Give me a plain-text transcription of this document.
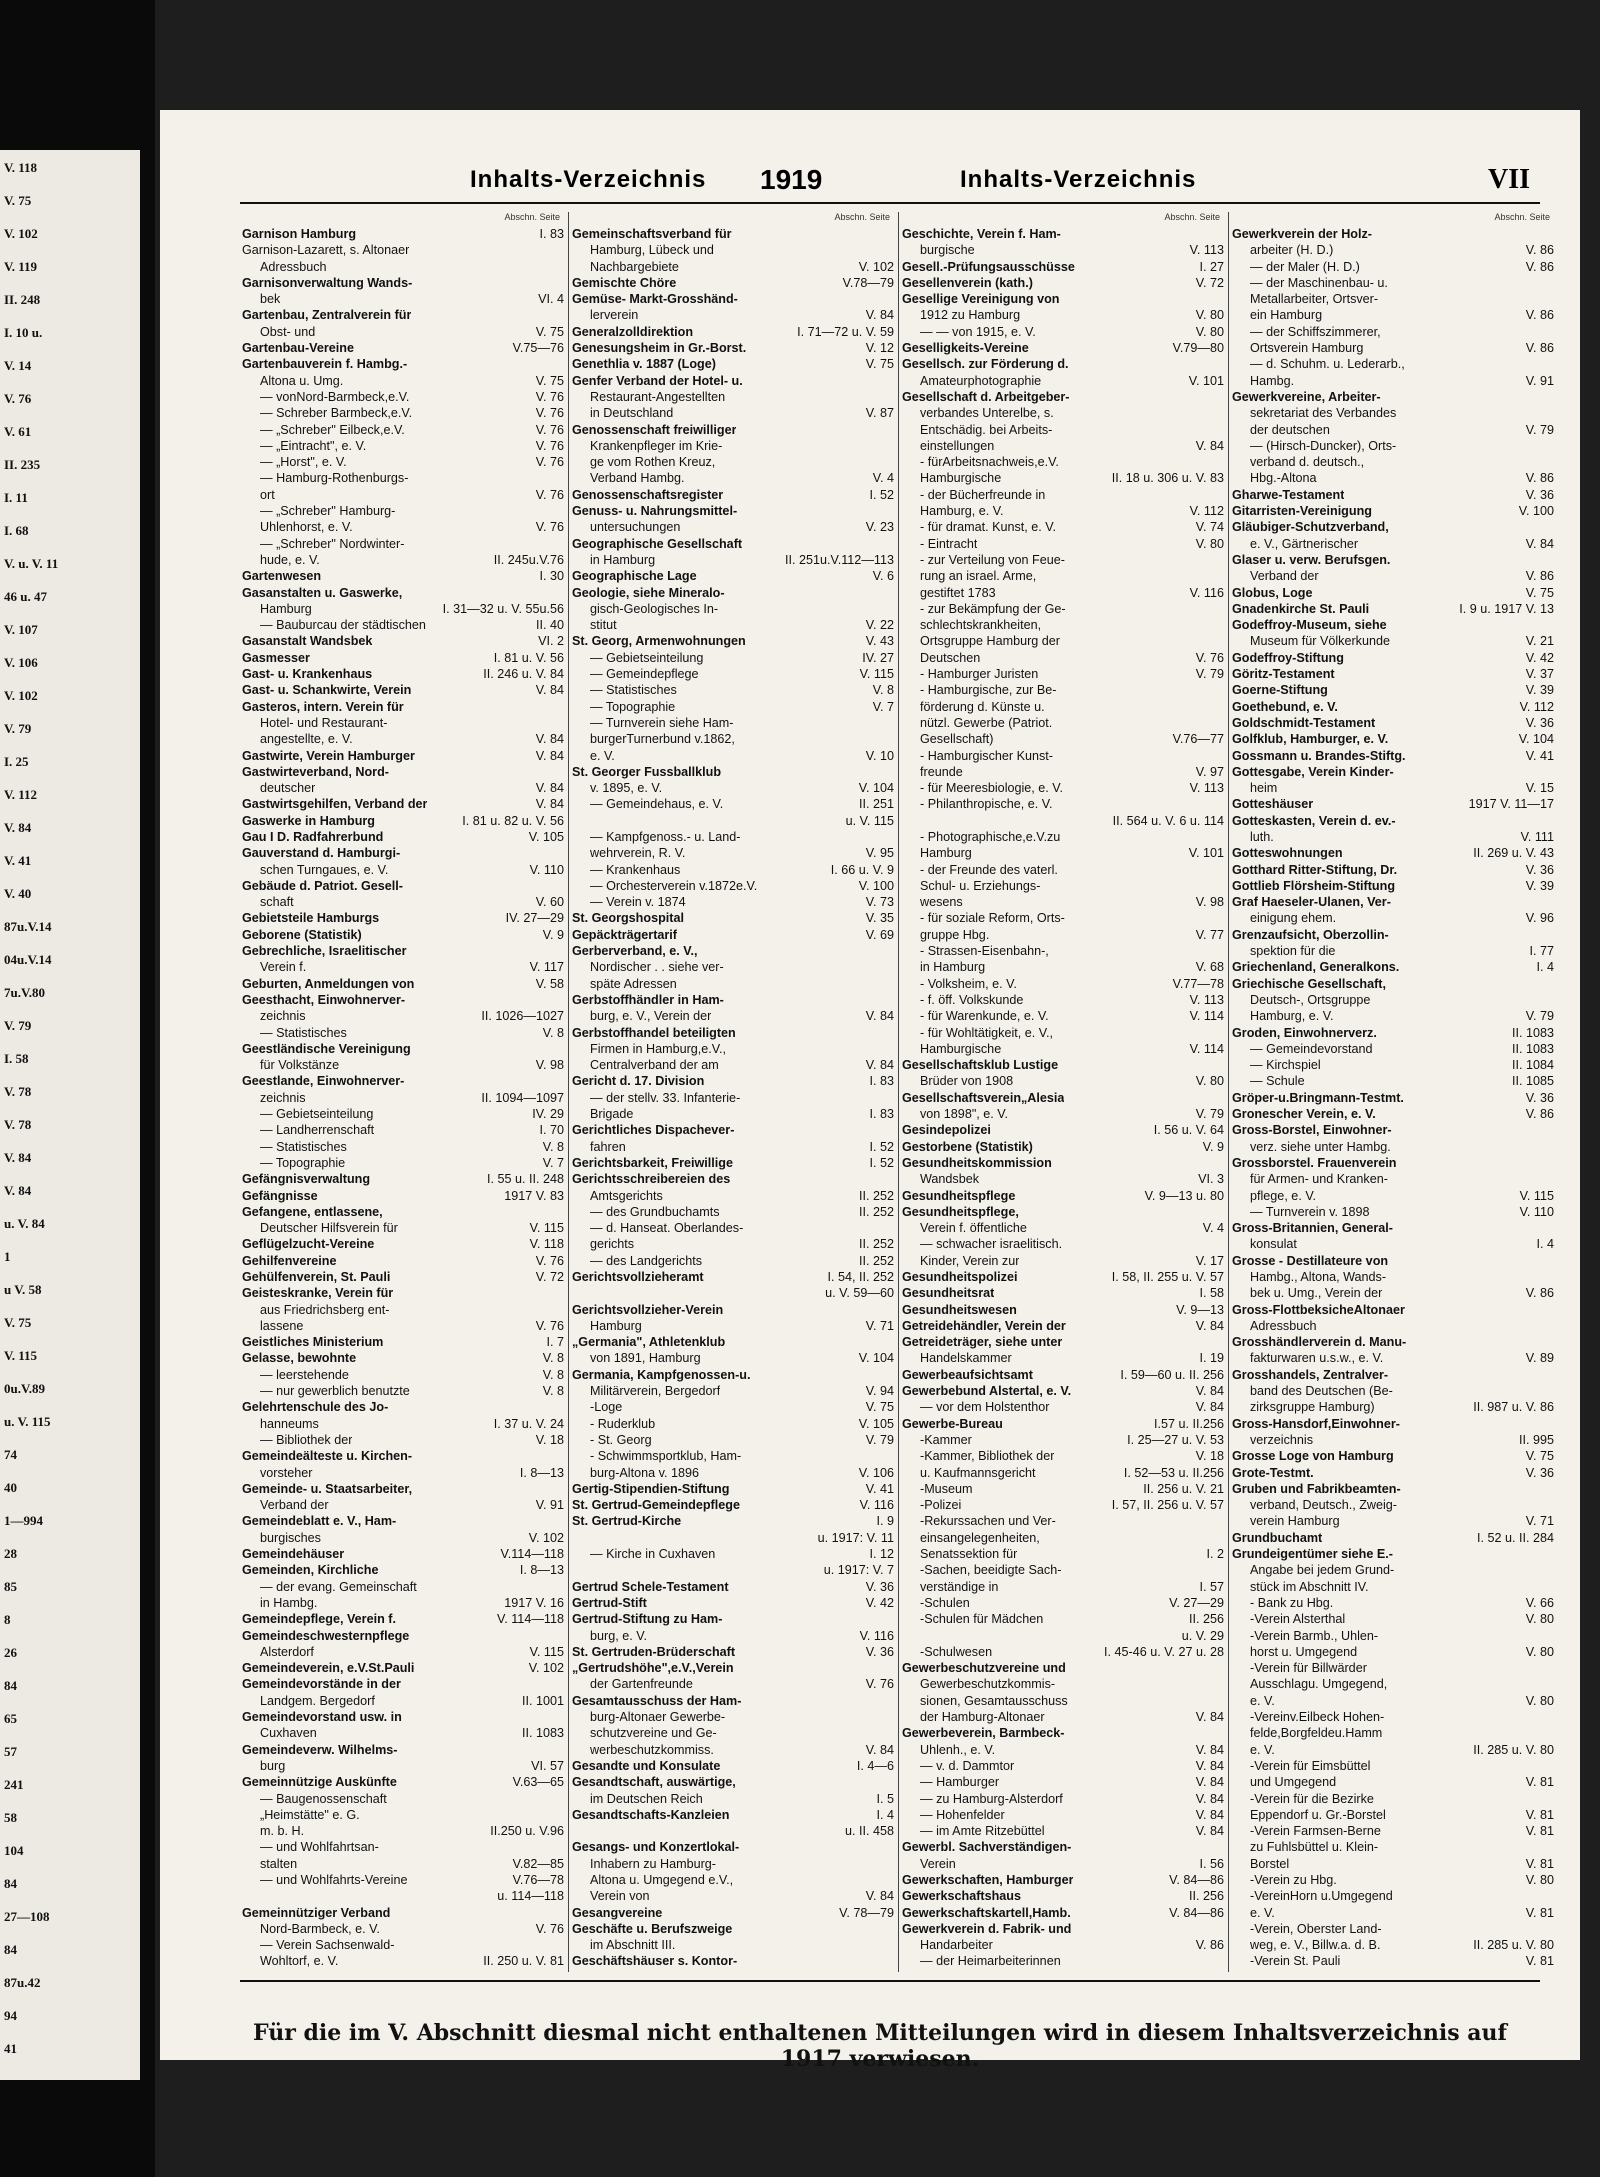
V. 118
V. 75
V. 102
V. 119
II. 248
I. 10 u.
V. 14
V. 76
V. 61
II. 235
I. 11
I. 68
V. u. V. 11
46 u. 47
V. 107
V. 106
V. 102
V. 79
I. 25
V. 112
V. 84
V. 41
V. 40
87u.V.14
04u.V.14
7u.V.80
V. 79
I. 58
V. 78
V. 78
V. 84
V. 84
u. V. 84
1
u V. 58
V. 75
V. 115
0u.V.89
u. V. 115
74
40
1—994
28
85
8
26
84
65
57
241
58
104
84
27—108
84
87u.42
94
41
Inhalts-Verzeichnis 1919	Inhalts-Verzeichnis	VII
Abschn. Seite
Garnison Hamburg	I. 83
Garnison-Lazarett, s. Altonaer
Adressbuch
Garnisonverwaltung Wands-
bek	VI. 4
Gartenbau, Zentralverein für
Obst- und	V. 75
Gartenbau-Vereine	V.75—76
Gartenbauverein f. Hambg.-
Altona u. Umg.	V. 75
— vonNord-Barmbeck,e.V.	V. 76
— Schreber Barmbeck,e.V.	V. 76
— „Schreber" Eilbeck,e.V.	V. 76
— „Eintracht", e. V.	V. 76
— „Horst", e. V.	V. 76
— Hamburg-Rothenburgs-
ort	V. 76
— „Schreber" Hamburg-
Uhlenhorst, e. V.	V. 76
— „Schreber" Nordwinter-
hude, e. V.	II. 245u.V.76
Gartenwesen	I. 30
Gasanstalten u. Gaswerke,
Hamburg	I. 31—32 u. V. 55u.56
— Bauburcau der städtischen	II. 40
Gasanstalt Wandsbek	VI. 2
Gasmesser	I. 81 u. V. 56
Gast- u. Krankenhaus	II. 246 u. V. 84
Gast- u. Schankwirte, Verein	V. 84
Gasteros, intern. Verein für
Hotel- und Restaurant-
angestellte, e. V.	V. 84
Gastwirte, Verein Hamburger	V. 84
Gastwirteverband, Nord-
deutscher	V. 84
Gastwirtsgehilfen, Verband der	V. 84
Gaswerke in Hamburg	I. 81 u. 82 u. V. 56
Gau I D. Radfahrerbund	V. 105
Gauverstand d. Hamburgi-
schen Turngaues, e. V.	V. 110
Gebäude d. Patriot. Gesell-
schaft	V. 60
Gebietsteile Hamburgs	IV. 27—29
Geborene (Statistik)	V. 9
Gebrechliche, Israelitischer
Verein f.	V. 117
Geburten, Anmeldungen von	V. 58
Geesthacht, Einwohnerver-
zeichnis	II. 1026—1027
— Statistisches	V. 8
Geestländische Vereinigung
für Volkstänze	V. 98
Geestlande, Einwohnerver-
zeichnis	II. 1094—1097
— Gebietseinteilung	IV. 29
— Landherrenschaft	I. 70
— Statistisches	V. 8
— Topographie	V. 7
Gefängnisverwaltung	I. 55 u. II. 248
Gefängnisse	1917 V. 83
Gefangene, entlassene,
Deutscher Hilfsverein für	V. 115
Geflügelzucht-Vereine	V. 118
Gehilfenvereine	V. 76
Gehülfenverein, St. Pauli	V. 72
Geisteskranke, Verein für
aus Friedrichsberg ent-
lassene	V. 76
Geistliches Ministerium	I. 7
Gelasse, bewohnte	V. 8
— leerstehende	V. 8
— nur gewerblich benutzte	V. 8
Gelehrtenschule des Jo-
hanneums	I. 37 u. V. 24
— Bibliothek der	V. 18
Gemeindeälteste u. Kirchen-
vorsteher	I. 8—13
Gemeinde- u. Staatsarbeiter,
Verband der	V. 91
Gemeindeblatt e. V., Ham-
burgisches	V. 102
Gemeindehäuser	V.114—118
Gemeinden, Kirchliche	I. 8—13
— der evang. Gemeinschaft
in Hambg.	1917 V. 16
Gemeindepflege, Verein f.	V. 114—118
Gemeindeschwesternpflege
Alsterdorf	V. 115
Gemeindeverein, e.V.St.Pauli	V. 102
Gemeindevorstände in der
Landgem. Bergedorf	II. 1001
Gemeindevorstand usw. in
Cuxhaven	II. 1083
Gemeindeverw. Wilhelms-
burg	VI. 57
Gemeinnützige Auskünfte	V.63—65
— Baugenossenschaft
„Heimstätte" e. G.
m. b. H.	II.250 u. V.96
— und Wohlfahrtsan-
stalten	V.82—85
— und Wohlfahrts-Vereine	V.76—78
u. 114—118
Gemeinnütziger Verband
Nord-Barmbeck, e. V.	V. 76
— Verein Sachsenwald-
Wohltorf, e. V.	II. 250 u. V. 81
Abschn. Seite
Gemeinschaftsverband für
Hamburg, Lübeck und
Nachbargebiete	V. 102
Gemischte Chöre	V.78—79
Gemüse- Markt-Grosshänd-
lerverein	V. 84
Generalzolldirektion	I. 71—72 u. V. 59
Genesungsheim in Gr.-Borst.	V. 12
Genethlia v. 1887 (Loge)	V. 75
Genfer Verband der Hotel- u.
Restaurant-Angestellten
in Deutschland	V. 87
Genossenschaft freiwilliger
Krankenpfleger im Krie-
ge vom Rothen Kreuz,
Verband Hambg.	V. 4
Genossenschaftsregister	I. 52
Genuss- u. Nahrungsmittel-
untersuchungen	V. 23
Geographische Gesellschaft
in Hamburg	II. 251u.V.112—113
Geographische Lage	V. 6
Geologie, siehe Mineralo-
gisch-Geologisches In-
stitut	V. 22
St. Georg, Armenwohnungen	V. 43
— Gebietseinteilung	IV. 27
— Gemeindepflege	V. 115
— Statistisches	V. 8
— Topographie	V. 7
— Turnverein siehe Ham-
burgerTurnerbund v.1862,
e. V.	V. 10
St. Georger Fussballklub
v. 1895, e. V.	V. 104
— Gemeindehaus, e. V.	II. 251
u. V. 115
— Kampfgenoss.- u. Land-
wehrverein, R. V.	V. 95
— Krankenhaus	I. 66 u. V. 9
— Orchesterverein v.1872e.V.	V. 100
— Verein v. 1874	V. 73
St. Georgshospital	V. 35
Gepäckträgertarif	V. 69
Gerberverband, e. V.,
Nordischer . . siehe ver-
späte Adressen
Gerbstoffhändler in Ham-
burg, e. V., Verein der	V. 84
Gerbstoffhandel beteiligten
Firmen in Hamburg,e.V.,
Centralverband der am	V. 84
Gericht d. 17. Division	I. 83
— der stellv. 33. Infanterie-
Brigade	I. 83
Gerichtliches Dispachever-
fahren	I. 52
Gerichtsbarkeit, Freiwillige	I. 52
Gerichtsschreibereien des
Amtsgerichts	II. 252
— des Grundbuchamts	II. 252
— d. Hanseat. Oberlandes-
gerichts	II. 252
— des Landgerichts	II. 252
Gerichtsvollzieheramt	I. 54, II. 252
u. V. 59—60
Gerichtsvollzieher-Verein
Hamburg	V. 71
„Germania", Athletenklub
von 1891, Hamburg	V. 104
Germania, Kampfgenossen-u.
Militärverein, Bergedorf	V. 94
-Loge	V. 75
- Ruderklub	V. 105
- St. Georg	V. 79
- Schwimmsportklub, Ham-
burg-Altona v. 1896	V. 106
Gertig-Stipendien-Stiftung	V. 41
St. Gertrud-Gemeindepflege	V. 116
St. Gertrud-Kirche	I. 9
u. 1917: V. 11
— Kirche in Cuxhaven	I. 12
u. 1917: V. 7
Gertrud Schele-Testament	V. 36
Gertrud-Stift	V. 42
Gertrud-Stiftung zu Ham-
burg, e. V.	V. 116
St. Gertruden-Brüderschaft	V. 36
„Gertrudshöhe",e.V.,Verein
der Gartenfreunde	V. 76
Gesamtausschuss der Ham-
burg-Altonaer Gewerbe-
schutzvereine und Ge-
werbeschutzkommiss.	V. 84
Gesandte und Konsulate	I. 4—6
Gesandtschaft, auswärtige,
im Deutschen Reich	I. 5
Gesandtschafts-Kanzleien	I. 4
u. II. 458
Gesangs- und Konzertlokal-
Inhabern zu Hamburg-
Altona u. Umgegend e.V.,
Verein von	V. 84
Gesangvereine	V. 78—79
Geschäfte u. Berufszweige
im Abschnitt III.
Geschäftshäuser s. Kontor-
Abschn. Seite
Geschichte, Verein f. Ham-
burgische	V. 113
Gesell.-Prüfungsausschüsse	I. 27
Gesellenverein (kath.)	V. 72
Gesellige Vereinigung von
1912 zu Hamburg	V. 80
— — von 1915, e. V.	V. 80
Geselligkeits-Vereine	V.79—80
Gesellsch. zur Förderung d.
Amateurphotographie	V. 101
Gesellschaft d. Arbeitgeber-
verbandes Unterelbe, s.
Entschädig. bei Arbeits-
einstellungen	V. 84
- fürArbeitsnachweis,e.V.
Hamburgische	II. 18 u. 306 u. V. 83
- der Bücherfreunde in
Hamburg, e. V.	V. 112
- für dramat. Kunst, e. V.	V. 74
- Eintracht	V. 80
- zur Verteilung von Feue-
rung an israel. Arme,
gestiftet 1783	V. 116
- zur Bekämpfung der Ge-
schlechtskrankheiten,
Ortsgruppe Hamburg der
Deutschen	V. 76
- Hamburger Juristen	V. 79
- Hamburgische, zur Be-
förderung d. Künste u.
nützl. Gewerbe (Patriot.
Gesellschaft)	V.76—77
- Hamburgischer Kunst-
freunde	V. 97
- für Meeresbiologie, e. V.	V. 113
- Philanthropische, e. V.
II. 564 u. V. 6 u. 114
- Photographische,e.V.zu
Hamburg	V. 101
- der Freunde des vaterl.
Schul- u. Erziehungs-
wesens	V. 98
- für soziale Reform, Orts-
gruppe Hbg.	V. 77
- Strassen-Eisenbahn-,
in Hamburg	V. 68
- Volksheim, e. V.	V.77—78
- f. öff. Volkskunde	V. 113
- für Warenkunde, e. V.	V. 114
- für Wohltätigkeit, e. V.,
Hamburgische	V. 114
Gesellschaftsklub Lustige
Brüder von 1908	V. 80
Gesellschaftsverein„Alesia
von 1898", e. V.	V. 79
Gesindepolizei	I. 56 u. V. 64
Gestorbene (Statistik)	V. 9
Gesundheitskommission
Wandsbek	VI. 3
Gesundheitspflege	V. 9—13 u. 80
Gesundheitspflege,
Verein f. öffentliche	V. 4
— schwacher israelitisch.
Kinder, Verein zur	V. 17
Gesundheitspolizei	I. 58, II. 255 u. V. 57
Gesundheitsrat	I. 58
Gesundheitswesen	V. 9—13
Getreidehändler, Verein der	V. 84
Getreideträger, siehe unter
Handelskammer	I. 19
Gewerbeaufsichtsamt	I. 59—60 u. II. 256
Gewerbebund Alstertal, e. V.	V. 84
— vor dem Holstenthor	V. 84
Gewerbe-Bureau	I.57 u. II.256
-Kammer	I. 25—27 u. V. 53
-Kammer, Bibliothek der	V. 18
u. Kaufmannsgericht	I. 52—53 u. II.256
-Museum	II. 256 u. V. 21
-Polizei	I. 57, II. 256 u. V. 57
-Rekurssachen und Ver-
einsangelegenheiten,
Senatssektion für	I. 2
-Sachen, beeidigte Sach-
verständige in	I. 57
-Schulen	V. 27—29
-Schulen für Mädchen	II. 256
u. V. 29
-Schulwesen	I. 45-46 u. V. 27 u. 28
Gewerbeschutzvereine und
Gewerbeschutzkommis-
sionen, Gesamtausschuss
der Hamburg-Altonaer	V. 84
Gewerbeverein, Barmbeck-
Uhlenh., e. V.	V. 84
— v. d. Dammtor	V. 84
— Hamburger	V. 84
— zu Hamburg-Alsterdorf	V. 84
— Hohenfelder	V. 84
— im Amte Ritzebüttel	V. 84
Gewerbl. Sachverständigen-
Verein	I. 56
Gewerkschaften, Hamburger	V. 84—86
Gewerkschaftshaus	II. 256
Gewerkschaftskartell,Hamb.	V. 84—86
Gewerkverein d. Fabrik- und
Handarbeiter	V. 86
— der Heimarbeiterinnen
Abschn. Seite
Gewerkverein der Holz-
arbeiter (H. D.)	V. 86
— der Maler (H. D.)	V. 86
— der Maschinenbau- u.
Metallarbeiter, Ortsver-
ein Hamburg	V. 86
— der Schiffszimmerer,
Ortsverein Hamburg	V. 86
— d. Schuhm. u. Lederarb.,
Hambg.	V. 91
Gewerkvereine, Arbeiter-
sekretariat des Verbandes
der deutschen	V. 79
— (Hirsch-Duncker), Orts-
verband d. deutsch.,
Hbg.-Altona	V. 86
Gharwe-Testament	V. 36
Gitarristen-Vereinigung	V. 100
Gläubiger-Schutzverband,
e. V., Gärtnerischer	V. 84
Glaser u. verw. Berufsgen.
Verband der	V. 86
Globus, Loge	V. 75
Gnadenkirche St. Pauli	I. 9 u. 1917 V. 13
Godeffroy-Museum, siehe
Museum für Völkerkunde	V. 21
Godeffroy-Stiftung	V. 42
Göritz-Testament	V. 37
Goerne-Stiftung	V. 39
Goethebund, e. V.	V. 112
Goldschmidt-Testament	V. 36
Golfklub, Hamburger, e. V.	V. 104
Gossmann u. Brandes-Stiftg.	V. 41
Gottesgabe, Verein Kinder-
heim	V. 15
Gotteshäuser	1917 V. 11—17
Gotteskasten, Verein d. ev.-
luth.	V. 111
Gotteswohnungen	II. 269 u. V. 43
Gotthard Ritter-Stiftung, Dr.	V. 36
Gottlieb Flörsheim-Stiftung	V. 39
Graf Haeseler-Ulanen, Ver-
einigung ehem.	V. 96
Grenzaufsicht, Oberzollin-
spektion für die	I. 77
Griechenland, Generalkons.	I. 4
Griechische Gesellschaft,
Deutsch-, Ortsgruppe
Hamburg, e. V.	V. 79
Groden, Einwohnerverz.	II. 1083
— Gemeindevorstand	II. 1083
— Kirchspiel	II. 1084
— Schule	II. 1085
Gröper-u.Bringmann-Testmt.	V. 36
Gronescher Verein, e. V.	V. 86
Gross-Borstel, Einwohner-
verz. siehe unter Hambg.
Grossborstel. Frauenverein
für Armen- und Kranken-
pflege, e. V.	V. 115
— Turnverein v. 1898	V. 110
Gross-Britannien, General-
konsulat	I. 4
Grosse - Destillateure von
Hambg., Altona, Wands-
bek u. Umg., Verein der	V. 86
Gross-FlottbeksicheAltonaer
Adressbuch
Grosshändlerverein d. Manu-
fakturwaren u.s.w., e. V.	V. 89
Grosshandels, Zentralver-
band des Deutschen (Be-
zirksgruppe Hamburg)	II. 987 u. V. 86
Gross-Hansdorf,Einwohner-
verzeichnis	II. 995
Grosse Loge von Hamburg	V. 75
Grote-Testmt.	V. 36
Gruben und Fabrikbeamten-
verband, Deutsch., Zweig-
verein Hamburg	V. 71
Grundbuchamt	I. 52 u. II. 284
Grundeigentümer siehe E.-
Angabe bei jedem Grund-
stück im Abschnitt IV.
- Bank zu Hbg.	V. 66
-Verein Alsterthal	V. 80
-Verein Barmb., Uhlen-
horst u. Umgegend	V. 80
-Verein für Billwärder
Ausschlagu. Umgegend,
e. V.	V. 80
-Vereinv.Eilbeck Hohen-
felde,Borgfeldeu.Hamm
e. V.	II. 285 u. V. 80
-Verein für Eimsbüttel
und Umgegend	V. 81
-Verein für die Bezirke
Eppendorf u. Gr.-Borstel	V. 81
-Verein Farmsen-Berne	V. 81
zu Fuhlsbüttel u. Klein-
Borstel	V. 81
-Verein zu Hbg.	V. 80
-VereinHorn u.Umgegend
e. V.	V. 81
-Verein, Oberster Land-
weg, e. V., Billw.a. d. B.	II. 285 u. V. 80
-Verein St. Pauli	V. 81
Für die im V. Abschnitt diesmal nicht enthaltenen Mitteilungen wird in diesem Inhaltsverzeichnis auf 1917 verwiesen.
